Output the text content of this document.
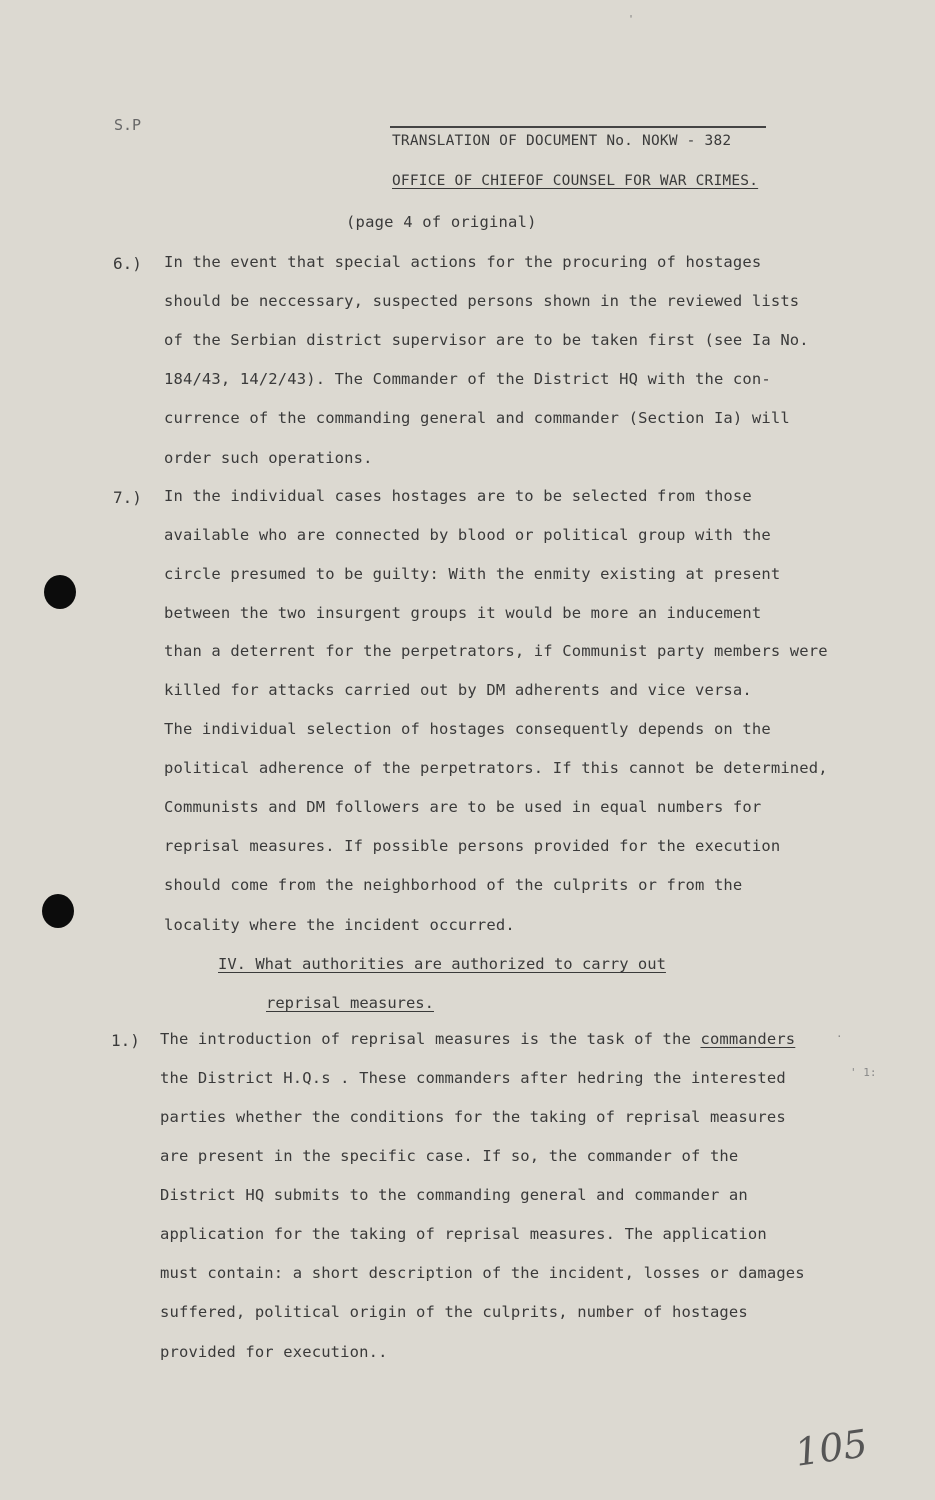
'
S.P
TRANSLATION OF DOCUMENT No. NOKW - 382
OFFICE OF CHIEFOF COUNSEL FOR WAR CRIMES.
(page 4 of original)
6.) In the event that special actions for the procuring of hostages
should be neccessary, suspected persons shown in the reviewed lists
of the Serbian district supervisor are to be taken first (see Ia No.
184/43, 14/2/43). The Commander of the District HQ with the con-
currence of the commanding general and commander (Section Ia) will
order such operations.
7.) In the individual cases hostages are to be selected from those
available who are connected by blood or political group with the
circle presumed to be guilty: With the enmity existing at present
between the two insurgent groups it would be more an inducement
than a deterrent for the perpetrators, if Communist party members were
killed for attacks carried out by DM adherents and vice versa.
The individual selection of hostages consequently depends on the
political adherence of the perpetrators. If this cannot be determined,
Communists and DM followers are to be used in equal numbers for
reprisal measures. If possible persons provided for the execution
should come from the neighborhood of the culprits or from the
locality where the incident occurred.
IV. What authorities are authorized to carry out
reprisal measures.
1.) The introduction of reprisal measures is the task of the commanders
the District H.Q.s . These commanders after hedring the interested
parties whether the conditions for the taking of reprisal measures
are present in the specific case. If so, the commander of the
District HQ submits to the commanding general and commander an
application for the taking of reprisal measures. The application
must contain: a short description of the incident, losses or damages
suffered, political origin of the culprits, number of hostages
provided for execution..
·
' 1:
105
